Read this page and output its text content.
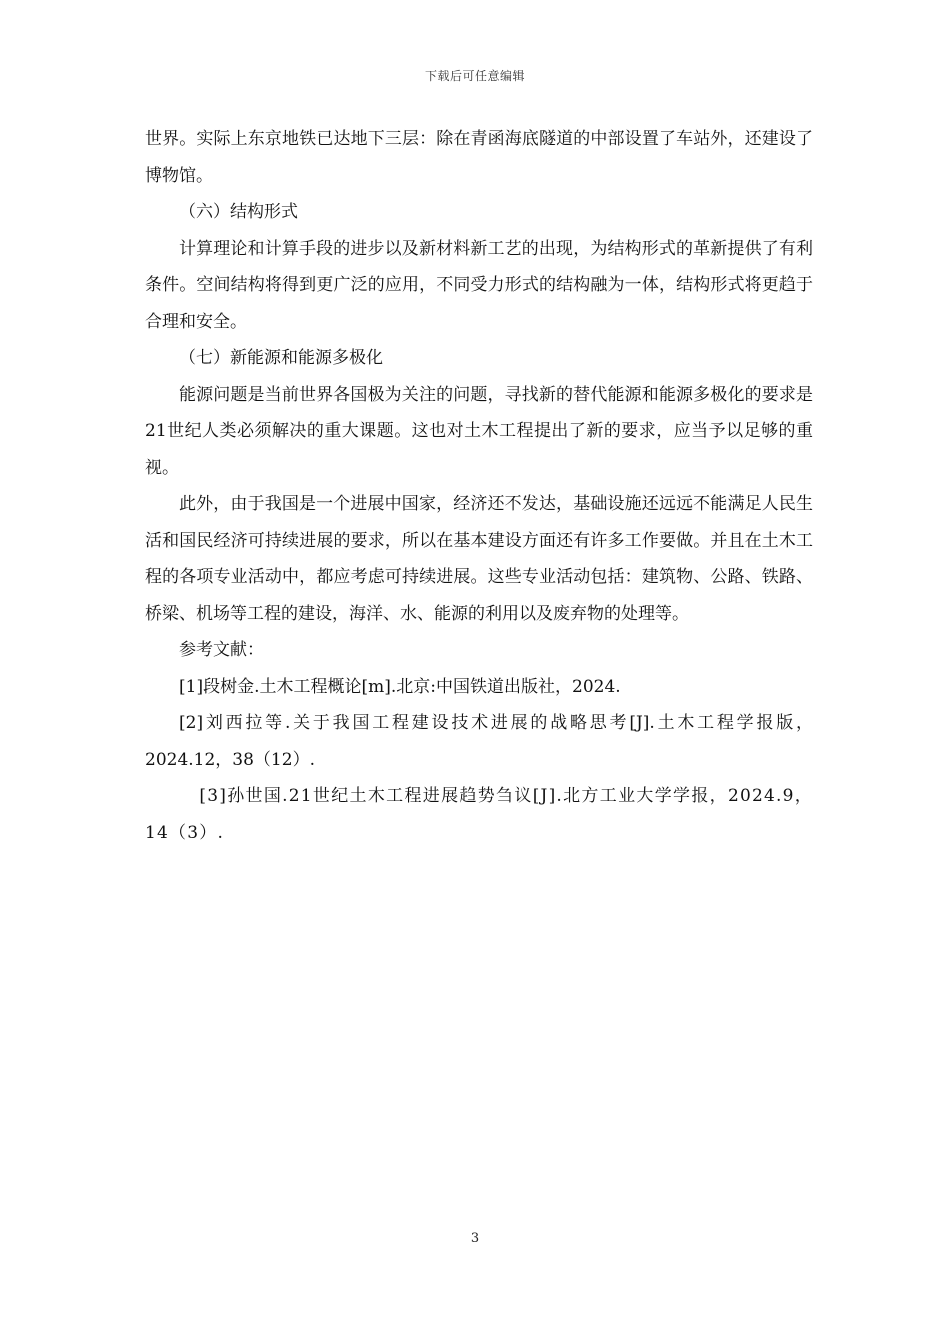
下载后可任意编辑

世界。实际上东京地铁已达地下三层：除在青函海底隧道的中部设置了车站外，还建设了博物馆。

（六）结构形式

计算理论和计算手段的进步以及新材料新工艺的出现，为结构形式的革新提供了有利条件。空间结构将得到更广泛的应用，不同受力形式的结构融为一体，结构形式将更趋于合理和安全。

（七）新能源和能源多极化

能源问题是当前世界各国极为关注的问题，寻找新的替代能源和能源多极化的要求是21世纪人类必须解决的重大课题。这也对土木工程提出了新的要求，应当予以足够的重视。

此外，由于我国是一个进展中国家，经济还不发达，基础设施还远远不能满足人民生活和国民经济可持续进展的要求，所以在基本建设方面还有许多工作要做。并且在土木工程的各项专业活动中，都应考虑可持续进展。这些专业活动包括：建筑物、公路、铁路、桥梁、机场等工程的建设，海洋、水、能源的利用以及废弃物的处理等。

参考文献：

[1]段树金.土木工程概论[m].北京:中国铁道出版社，2024.

[2]刘西拉等.关于我国工程建设技术进展的战略思考[J].土木工程学报版，2024.12，38（12）.

[3]孙世国.21世纪土木工程进展趋势刍议[J].北方工业大学学报，2024.9，14（3）.

3
